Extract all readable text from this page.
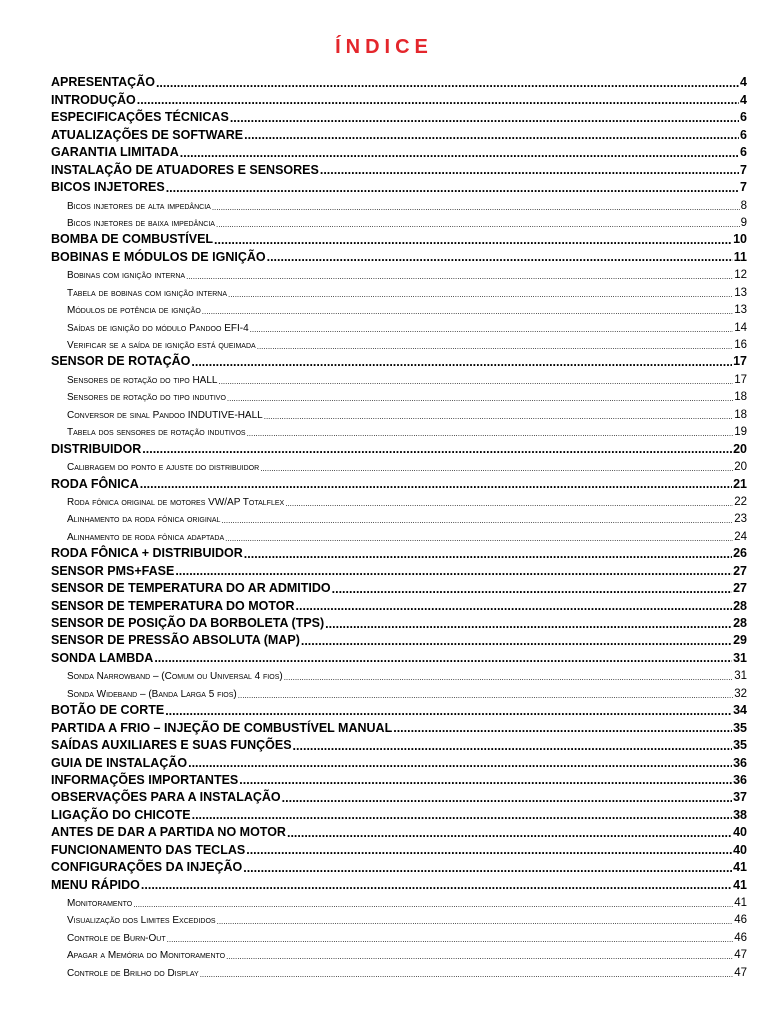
ÍNDICE
APRESENTAÇÃO .....	4
INTRODUÇÃO .....	4
ESPECIFICAÇÕES TÉCNICAS .....	6
ATUALIZAÇÕES DE SOFTWARE .....	6
GARANTIA LIMITADA .....	6
INSTALAÇÃO DE ATUADORES E SENSORES .....	7
BICOS INJETORES .....	7
Bicos injetores de alta impedância .....	8
Bicos injetores de baixa impedância .....	9
BOMBA DE COMBUSTÍVEL .....	10
BOBINAS E MÓDULOS DE IGNIÇÃO .....	11
Bobinas com ignição interna .....	12
Tabela de bobinas com ignição interna .....	13
Módulos de potência de ignição .....	13
Saídas de ignição do módulo Pandoo EFI-4 .....	14
Verificar se a saída de ignição está queimada .....	16
SENSOR DE ROTAÇÃO .....	17
Sensores de rotação do tipo HALL .....	17
Sensores de rotação do tipo indutivo .....	18
Conversor de sinal Pandoo INDUTIVE-HALL .....	18
Tabela dos sensores de rotação indutivos .....	19
DISTRIBUIDOR .....	20
Calibragem do ponto e ajuste do distribuidor .....	20
RODA FÔNICA .....	21
Roda fônica original de motores VW/AP Totalflex .....	22
Alinhamento da roda fônica original .....	23
Alinhamento de roda fônica adaptada .....	24
RODA FÔNICA + DISTRIBUIDOR .....	26
SENSOR PMS+FASE .....	27
SENSOR DE TEMPERATURA DO AR ADMITIDO .....	27
SENSOR DE TEMPERATURA DO MOTOR .....	28
SENSOR DE POSIÇÃO DA BORBOLETA (TPS) .....	28
SENSOR DE PRESSÃO ABSOLUTA (MAP) .....	29
SONDA LAMBDA .....	31
Sonda Narrowband – (Comum ou Universal 4 fios) .....	31
Sonda Wideband – (Banda Larga 5 fios) .....	32
BOTÃO DE CORTE .....	34
PARTIDA A FRIO – INJEÇÃO DE COMBUSTÍVEL MANUAL .....	35
SAÍDAS AUXILIARES E SUAS FUNÇÕES .....	35
GUIA DE INSTALAÇÃO .....	36
INFORMAÇÕES IMPORTANTES .....	36
OBSERVAÇÕES PARA A INSTALAÇÃO .....	37
LIGAÇÃO DO CHICOTE .....	38
ANTES DE DAR A PARTIDA NO MOTOR .....	40
FUNCIONAMENTO DAS TECLAS .....	40
CONFIGURAÇÕES DA INJEÇÃO .....	41
MENU RÁPIDO .....	41
Monitoramento .....	41
Visualização dos Limites Excedidos .....	46
Controle de Burn-Out .....	46
Apagar a Memória do Monitoramento .....	47
Controle de Brilho do Display .....	47
